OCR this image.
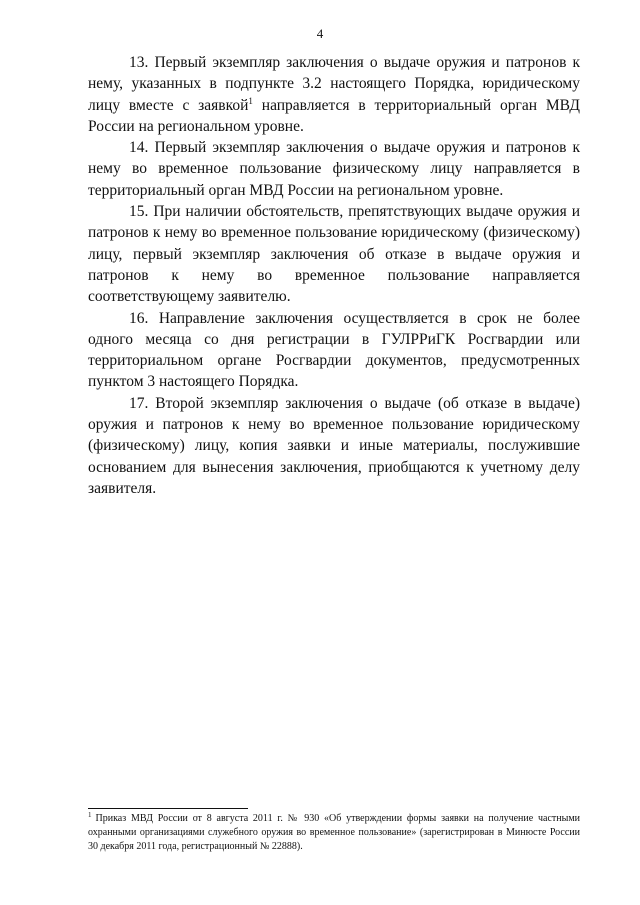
4

13. Первый экземпляр заключения о выдаче оружия и патронов к нему, указанных в подпункте 3.2 настоящего Порядка, юридическому лицу вместе с заявкой$^1$ направляется в территориальный орган МВД России на региональном уровне.

14. Первый экземпляр заключения о выдаче оружия и патронов к нему во временное пользование физическому лицу направляется в территориальный орган МВД России на региональном уровне.

15. При наличии обстоятельств, препятствующих выдаче оружия и патронов к нему во временное пользование юридическому (физическому) лицу, первый экземпляр заключения об отказе в выдаче оружия и патронов к нему во временное пользование направляется соответствующему заявителю.

16. Направление заключения осуществляется в срок не более одного месяца со дня регистрации в ГУЛРРиГК Росгвардии или территориальном органе Росгвардии документов, предусмотренных пунктом 3 настоящего Порядка.

17. Второй экземпляр заключения о выдаче (об отказе в выдаче) оружия и патронов к нему во временное пользование юридическому (физическому) лицу, копия заявки и иные материалы, послужившие основанием для вынесения заключения, приобщаются к учетному делу заявителя.

$^1$ Приказ МВД России от 8 августа 2011 г. № 930 «Об утверждении формы заявки на получение частными охранными организациями служебного оружия во временное пользование» (зарегистрирован в Минюсте России 30 декабря 2011 года, регистрационный № 22888).
